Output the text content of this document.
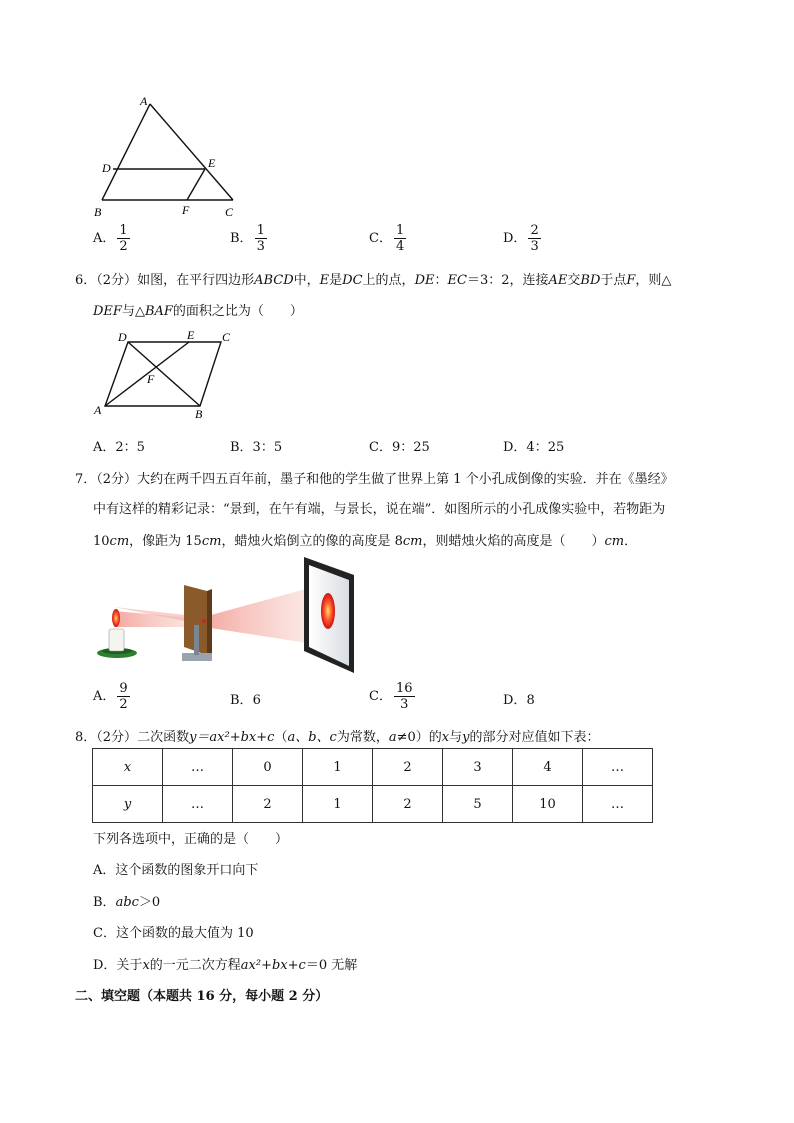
A
D	E
B	F	C
A． $\frac{1}{2}$	B． $\frac{1}{3}$	C． $\frac{1}{4}$	D． $\frac{2}{3}$
6．（2分）如图，在平行四边形ABCD中，E是DC上的点，DE：EC＝3：2，连接AE交BD于点F，则△
DEF与△BAF的面积之比为（　　）
D	E C
F
A	B
A．2：5	B．3：5	C．9：25	D．4：25
7．（2分）大约在两千四五百年前，墨子和他的学生做了世界上第 1 个小孔成倒像的实验．并在《墨经》
中有这样的精彩记录：“景到，在午有端，与景长，说在端”．如图所示的小孔成像实验中，若物距为
10cm，像距为 15cm，蜡烛火焰倒立的像的高度是 8cm，则蜡烛火焰的高度是（　　）cm．
A． $\frac{9}{2}$	B．6	C． $\frac{16}{3}$	D．8
8．（2分）二次函数y＝ax²+bx+c（a、b、c为常数，a≠0）的x与y的部分对应值如下表：
x	…	0	1	2	3	4	…
y	…	2	1	2	5	10	…
下列各选项中，正确的是（　　）
A．这个函数的图象开口向下
B．abc＞0
C．这个函数的最大值为 10
D．关于x的一元二次方程ax²+bx+c＝0 无解
二、填空题（本题共 16 分，每小题 2 分）
